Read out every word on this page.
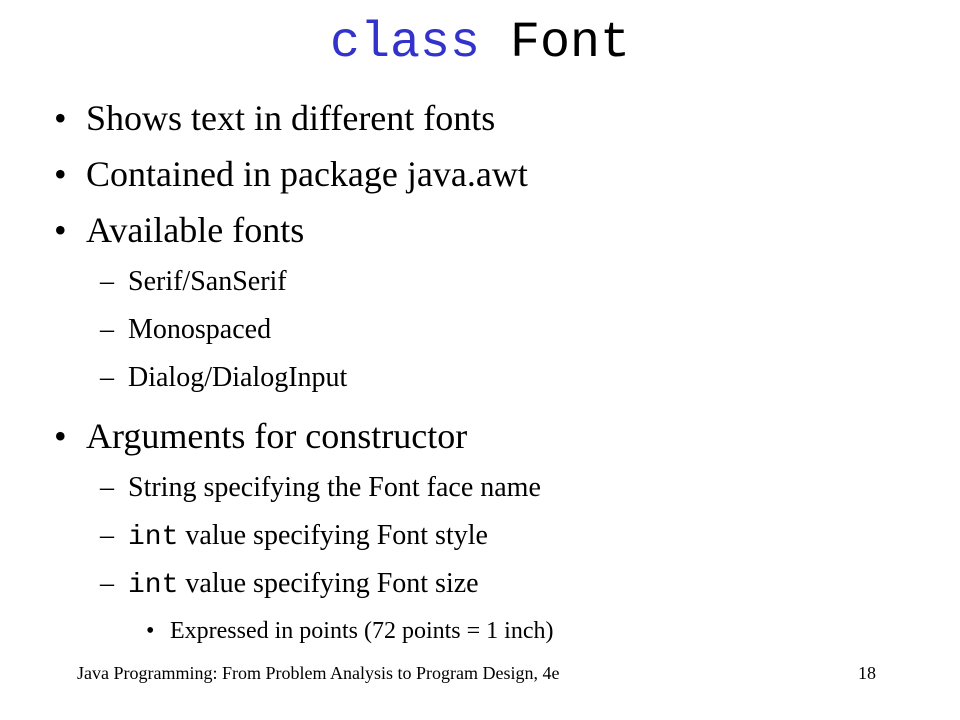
class Font
• Shows text in different fonts
• Contained in package java.awt
• Available fonts
– Serif/SanSerif
– Monospaced
– Dialog/DialogInput
• Arguments for constructor
– String specifying the Font face name
– int value specifying Font style
– int value specifying Font size
• Expressed in points (72 points = 1 inch)
Java Programming: From Problem Analysis to Program Design, 4e	18
